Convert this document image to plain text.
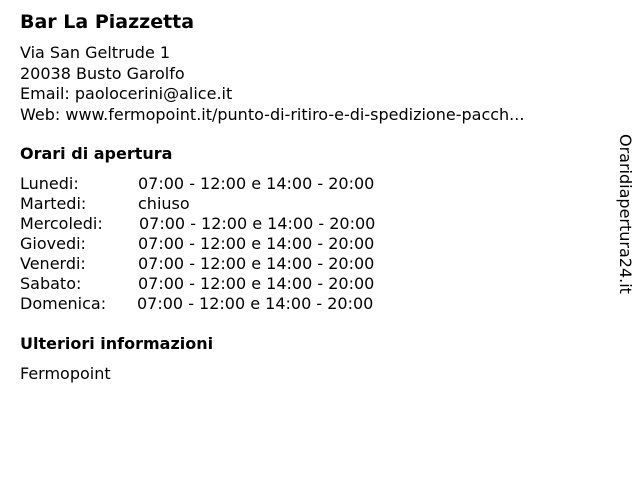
Bar La Piazzetta
Via San Geltrude 1
20038 Busto Garolfo
Email: paolocerini@alice.it
Web: www.fermopoint.it/punto-di-ritiro-e-di-spedizione-pacch...
Orari di apertura
Lunedi:	07:00 - 12:00 e 14:00 - 20:00
Martedi:	chiuso
Mercoledi: 07:00 - 12:00 e 14:00 - 20:00
Giovedi:	07:00 - 12:00 e 14:00 - 20:00
Venerdi:	07:00 - 12:00 e 14:00 - 20:00
Sabato:	07:00 - 12:00 e 14:00 - 20:00
Domenica: 07:00 - 12:00 e 14:00 - 20:00
Ulteriori informazioni
Fermopoint
Oraridiapertura24.it
